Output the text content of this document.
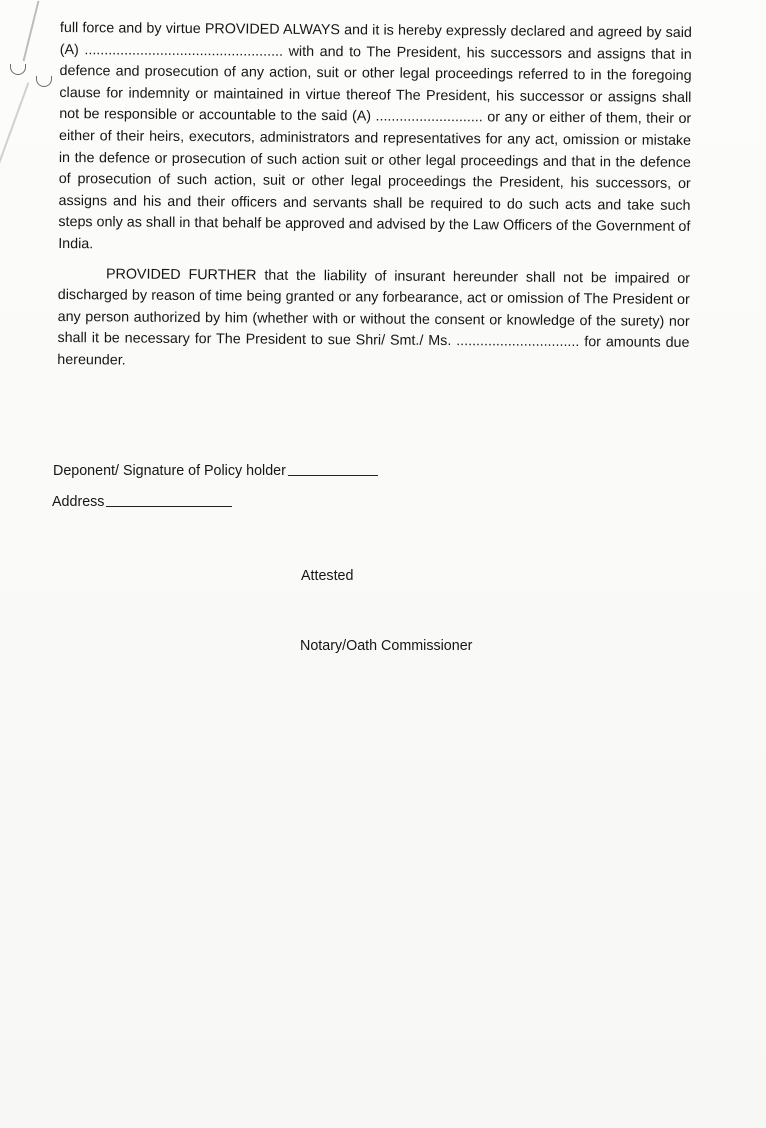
full force and by virtue PROVIDED ALWAYS and it is hereby expressly declared and agreed by said (A) .................................................. with and to The President, his successors and assigns that in defence and prosecution of any action, suit or other legal proceedings referred to in the foregoing clause for indemnity or maintained in virtue thereof The President, his successor or assigns shall not be responsible or accountable to the said (A) ........................... or any or either of them, their or either of their heirs, executors, administrators and representatives for any act, omission or mistake in the defence or prosecution of such action suit or other legal proceedings and that in the defence of prosecution of such action, suit or other legal proceedings the President, his successors, or assigns and his and their officers and servants shall be required to do such acts and take such steps only as shall in that behalf be approved and advised by the Law Officers of the Government of India.

PROVIDED FURTHER that the liability of insurant hereunder shall not be impaired or discharged by reason of time being granted or any forbearance, act or omission of The President or any person authorized by him (whether with or without the consent or knowledge of the surety) nor shall it be necessary for The President to sue Shri/ Smt./ Ms. ............................... for amounts due hereunder.

Deponent/ Signature of Policy holder
Address
Attested
Notary/Oath Commissioner
